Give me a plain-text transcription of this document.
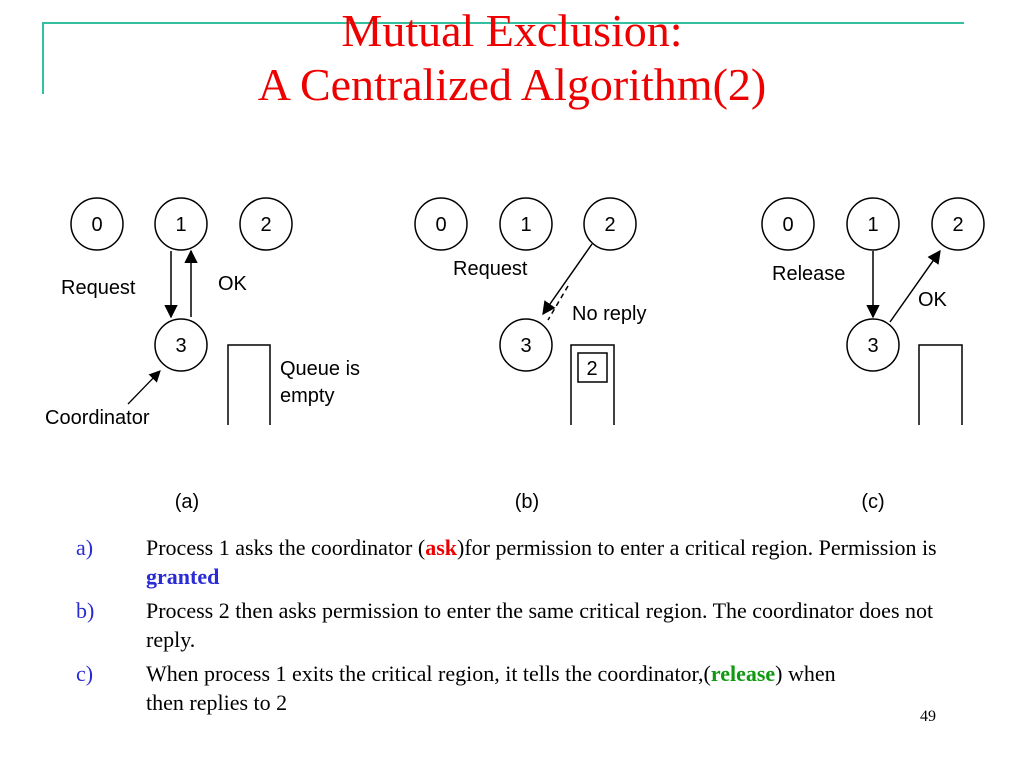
Mutual Exclusion:
A Centralized Algorithm(2)
0	1	2
3
Request	OK
Queue is
empty
Coordinator
(a)
0	1	2
3
Request
No reply
2
(b)
0	1	2
3
Release
OK
(c)
a)	Process 1 asks the coordinator (ask)for permission to enter a critical region. Permission is granted
b)	Process 2 then asks permission to enter the same critical region. The coordinator does not reply.
c)	When process 1 exits the critical region, it tells the coordinator,(release) when then replies to 2
49
